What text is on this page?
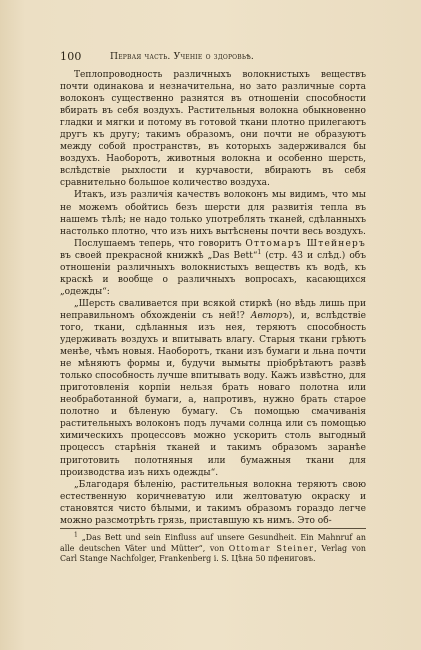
100	Первая часть. Ученiе о здоровьѣ.

Теплопроводность различныхъ волокнистыхъ веществъ почти одинакова и незначительна, но зато различные сорта волоконъ существенно разнятся въ отношенiи способности вбирать въ себя воздухъ. Растительныя волокна обыкновенно гладки и мягки и потому въ готовой ткани плотно прилегаютъ другъ къ другу; такимъ образомъ, они почти не образуютъ между собой пространствъ, въ которыхъ задерживался бы воздухъ. Наоборотъ, животныя волокна и особенно шерсть, вслѣдствiе рыхлости и курчавости, вбираютъ въ себя сравнительно большое количество воздуха.

Итакъ, изъ различiя качествъ волоконъ мы видимъ, что мы не можемъ обойтись безъ шерсти для развитiя тепла въ нашемъ тѣлѣ; не надо только употреблять тканей, сдѣланныхъ настолько плотно, что изъ нихъ вытѣснены почти весь воздухъ.

Послушаемъ теперь, что говоритъ Оттомаръ Штейнеръ въ своей прекрасной книжкѣ „Das Bett“$^1$ (стр. 43 и слѣд.) объ отношенiи различныхъ волокнистыхъ веществъ къ водѣ, къ краскѣ и вообще о различныхъ вопросахъ, касающихся „одежды“:

„Шерсть сваливается при всякой стиркѣ (но вѣдь лишь при неправильномъ обхожденiи съ ней!? Авторъ), и, вслѣдствiе того, ткани, сдѣланныя изъ нея, теряютъ способность удерживать воздухъ и впитывать влагу. Старыя ткани грѣютъ менѣе, чѣмъ новыя. Наоборотъ, ткани изъ бумаги и льна почти не мѣняютъ формы и, будучи вымыты прiобрѣтаютъ развѣ только способность лучше впитывать воду. Кажъ извѣстно, для приготовленiя корпiи нельзя брать новаго полотна или необработанной бумаги, а, напротивъ, нужно брать старое полотно и бѣленую бумагу. Съ помощью смачиванiя растительныхъ волоконъ подъ лучами солнца или съ помощью химическихъ процессовъ можно ускорить столь выгодный процессъ старѣнiя тканей и такимъ образомъ заранѣе приготовить полотняныя или бумажныя ткани для производства изъ нихъ одежды“.

„Благодаря бѣленiю, растительныя волокна теряютъ свою естественную коричневатую или желтоватую окраску и становятся чисто бѣлыми, и такимъ образомъ гораздо легче можно разсмотрѣть грязь, приставшую къ нимъ. Это об-

$^1$ „Das Bett und sein Einfluss auf unsere Gesundheit. Ein Mahnruf an alle deutschen Väter und Mütter“, von Ottomar Steiner, Verlag von Carl Stange Nachfolger, Frankenberg i. S. Цѣна 50 пфениговъ.
